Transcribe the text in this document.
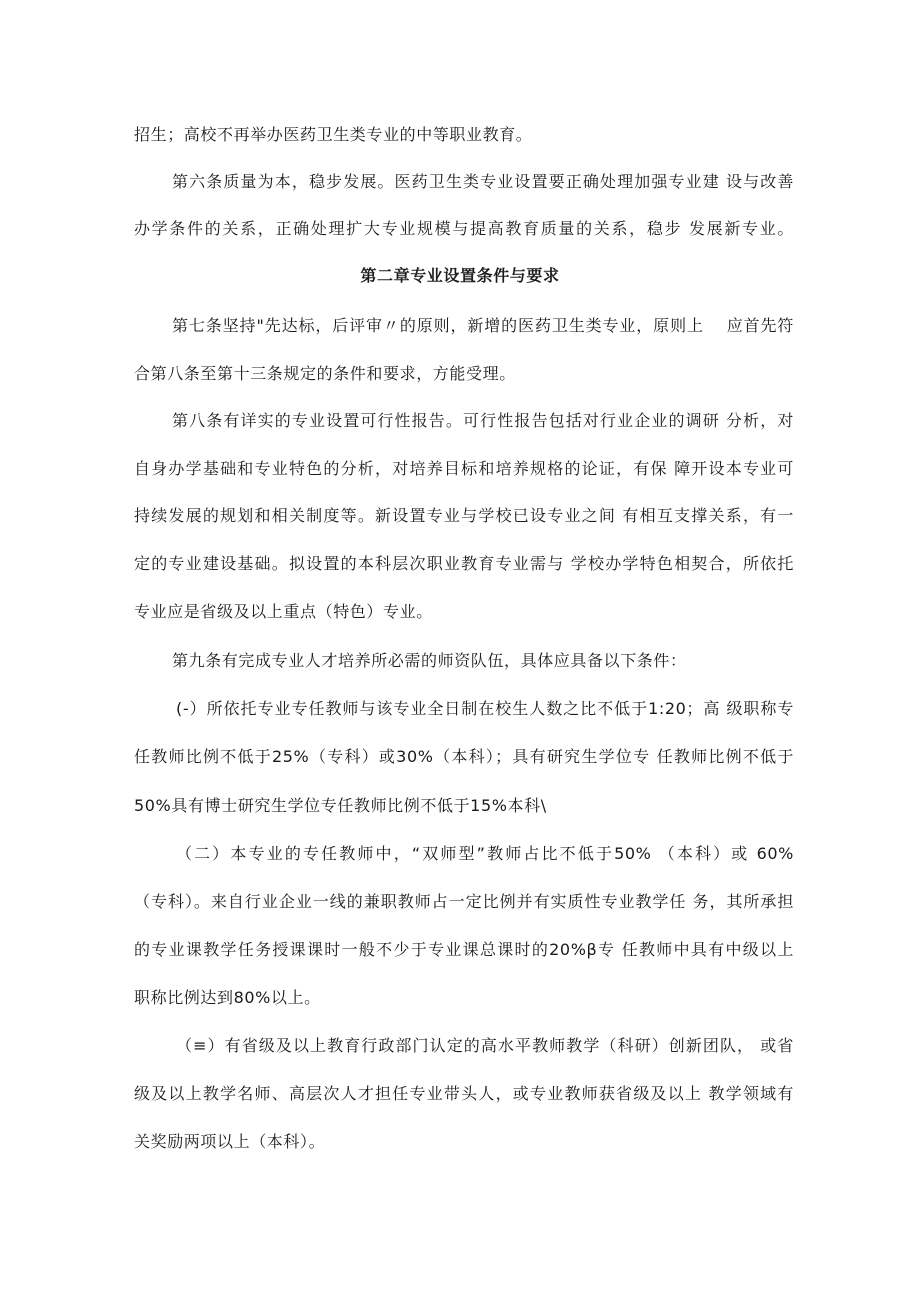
招生；高校不再举办医药卫生类专业的中等职业教育。
第六条质量为本，稳步发展。医药卫生类专业设置要正确处理加强专业建 设与改善
办学条件的关系，正确处理扩大专业规模与提高教育质量的关系，稳步 发展新专业。
第二章专业设置条件与要求
第七条坚持"先达标，后评审〃的原则，新增的医药卫生类专业，原则上　 应首先符
合第八条至第十三条规定的条件和要求，方能受理。
第八条有详实的专业设置可行性报告。可行性报告包括对行业企业的调研 分析，对
自身办学基础和专业特色的分析，对培养目标和培养规格的论证，有保 障开设本专业可
持续发展的规划和相关制度等。新设置专业与学校已设专业之间 有相互支撑关系，有一
定的专业建设基础。拟设置的本科层次职业教育专业需与 学校办学特色相契合，所依托
专业应是省级及以上重点（特色）专业。
第九条有完成专业人才培养所必需的师资队伍，具体应具备以下条件：
(-）所依托专业专任教师与该专业全日制在校生人数之比不低于1:20；高 级职称专
任教师比例不低于25%（专科）或30%（本科）；具有研究生学位专 任教师比例不低于
50%具有博士研究生学位专任教师比例不低于15%本科\
（二）本专业的专任教师中，“双师型”教师占比不低于50% （本科）或 60%
（专科）。来自行业企业一线的兼职教师占一定比例并有实质性专业教学任 务，其所承担
的专业课教学任务授课课时一般不少于专业课总课时的20%β专 任教师中具有中级以上
职称比例达到80%以上。
（≡）有省级及以上教育行政部门认定的高水平教师教学（科研）创新团队， 或省
级及以上教学名师、高层次人才担任专业带头人，或专业教师获省级及以上 教学领域有
关奖励两项以上（本科）。
